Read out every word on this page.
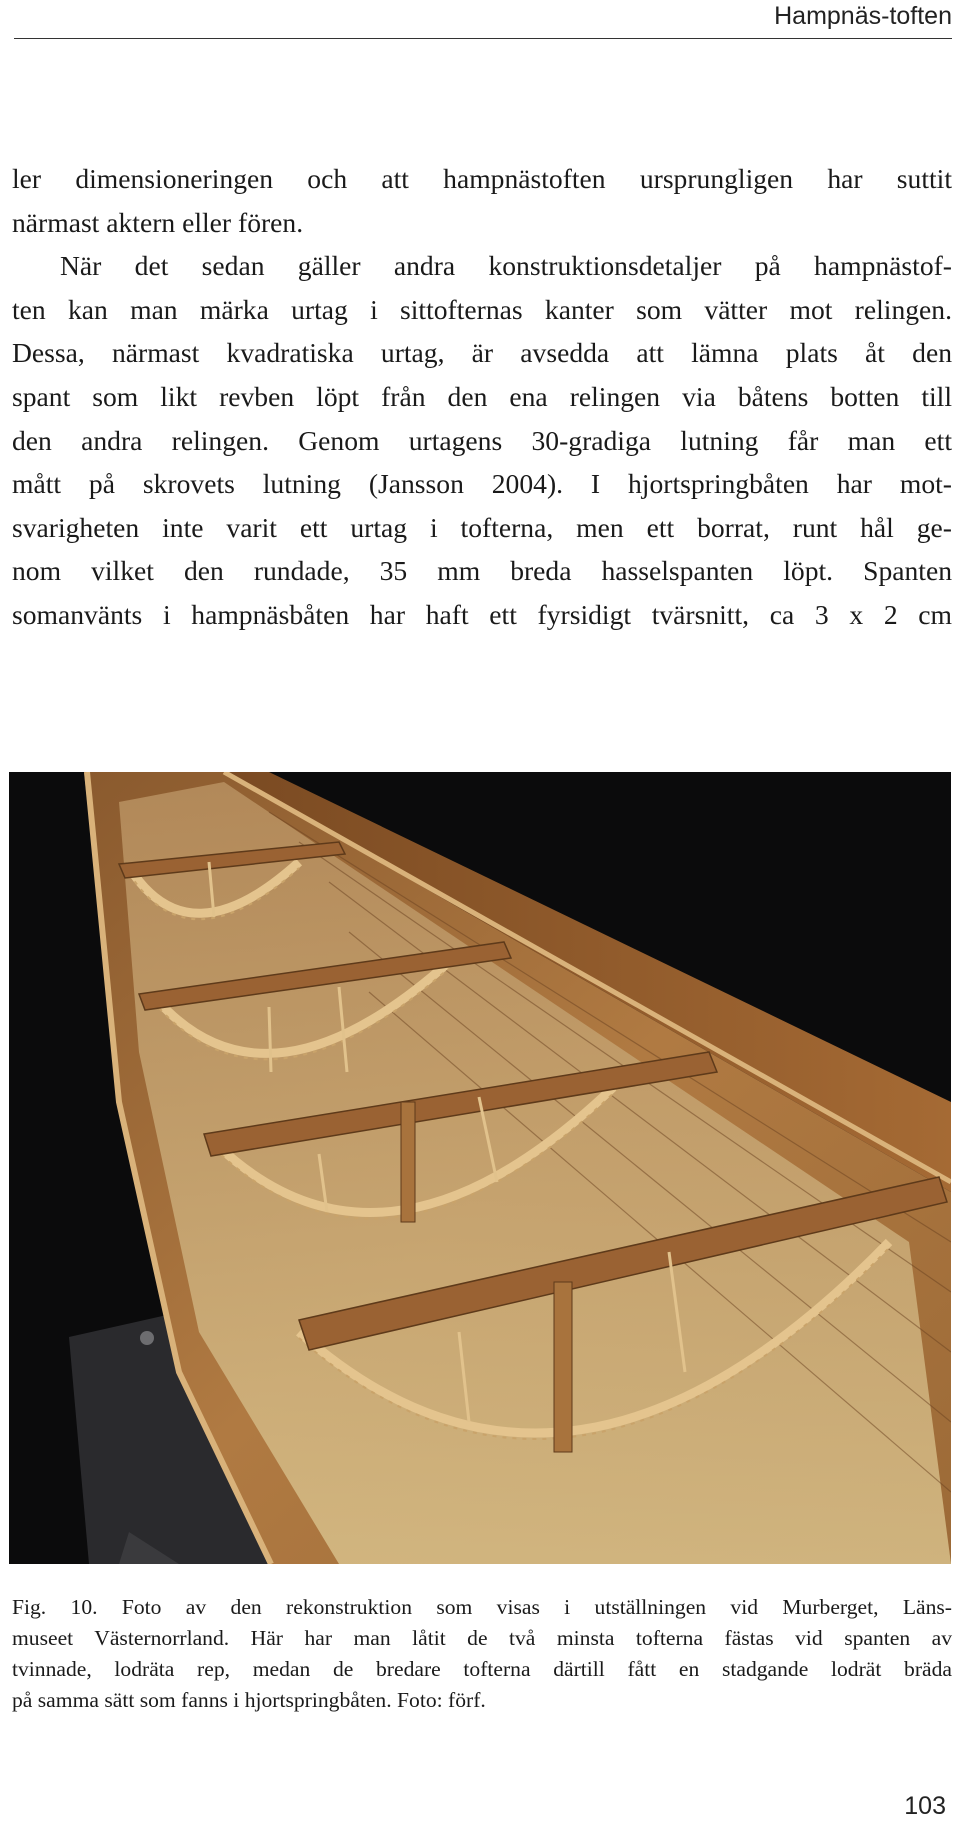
Hampnäs-toften
ler dimensioneringen och att hampnästoften ursprungligen har suttit
närmast aktern eller fören.
När det sedan gäller andra konstruktionsdetaljer på hampnästof-
ten kan man märka urtag i sittofternas kanter som vätter mot relingen.
Dessa, närmast kvadratiska urtag, är avsedda att lämna plats åt den
spant som likt revben löpt från den ena relingen via båtens botten till
den andra relingen. Genom urtagens 30-gradiga lutning får man ett
mått på skrovets lutning (Jansson 2004). I hjortspringbåten har mot-
svarigheten inte varit ett urtag i tofterna, men ett borrat, runt hål ge-
nom vilket den rundade, 35 mm breda hasselspanten löpt. Spanten
somanvänts i hampnäsbåten har haft ett fyrsidigt tvärsnitt, ca 3 x 2 cm
Fig. 10. Foto av den rekonstruktion som visas i utställningen vid Murberget, Läns-
museet Västernorrland. Här har man låtit de två minsta tofterna fästas vid spanten av
tvinnade, lodräta rep, medan de bredare tofterna därtill fått en stadgande lodrät bräda
på samma sätt som fanns i hjortspringbåten. Foto: förf.
103
